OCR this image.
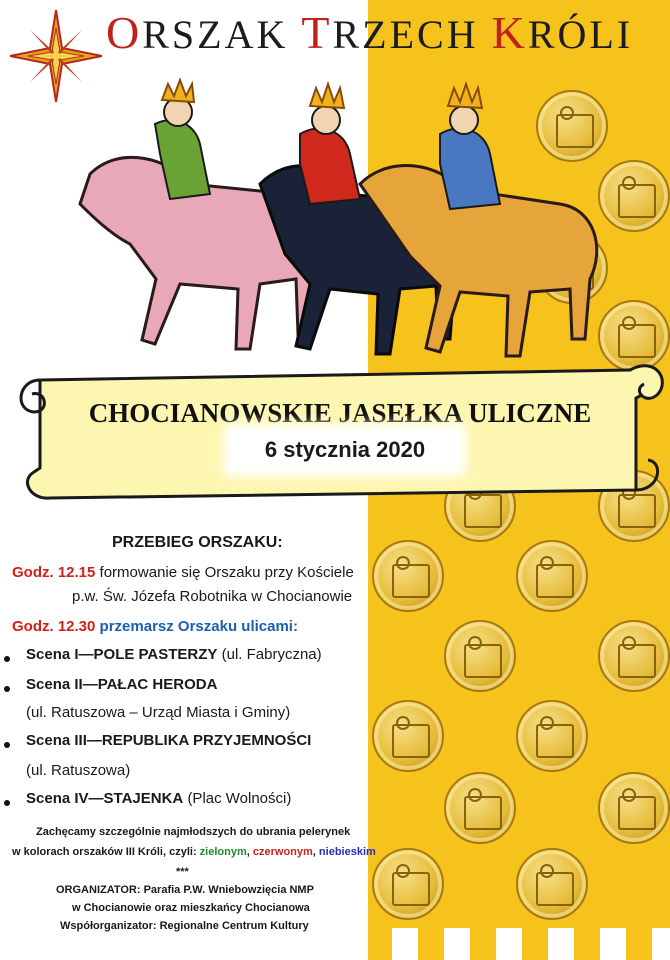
ORSZAK TRZECH KRÓLI
CHOCIANOWSKIE JASEŁKA ULICZNE
6 stycznia 2020
PRZEBIEG ORSZAKU:
Godz. 12.15 formowanie się Orszaku przy Kościele
p.w. Św. Józefa Robotnika w Chocianowie
Godz. 12.30 przemarsz Orszaku ulicami:
Scena I—POLE PASTERZY (ul. Fabryczna)
Scena II—PAŁAC HERODA
(ul. Ratuszowa – Urząd Miasta i Gminy)
Scena III—REPUBLIKA PRZYJEMNOŚCI
(ul. Ratuszowa)
Scena IV—STAJENKA (Plac Wolności)
Zachęcamy szczególnie najmłodszych do ubrania pelerynek
w kolorach orszaków III Króli, czyli: zielonym, czerwonym, niebieskim
***
ORGANIZATOR: Parafia P.W. Wniebowzięcia NMP
w Chocianowie oraz mieszkańcy Chocianowa
Współorganizator: Regionalne Centrum Kultury
